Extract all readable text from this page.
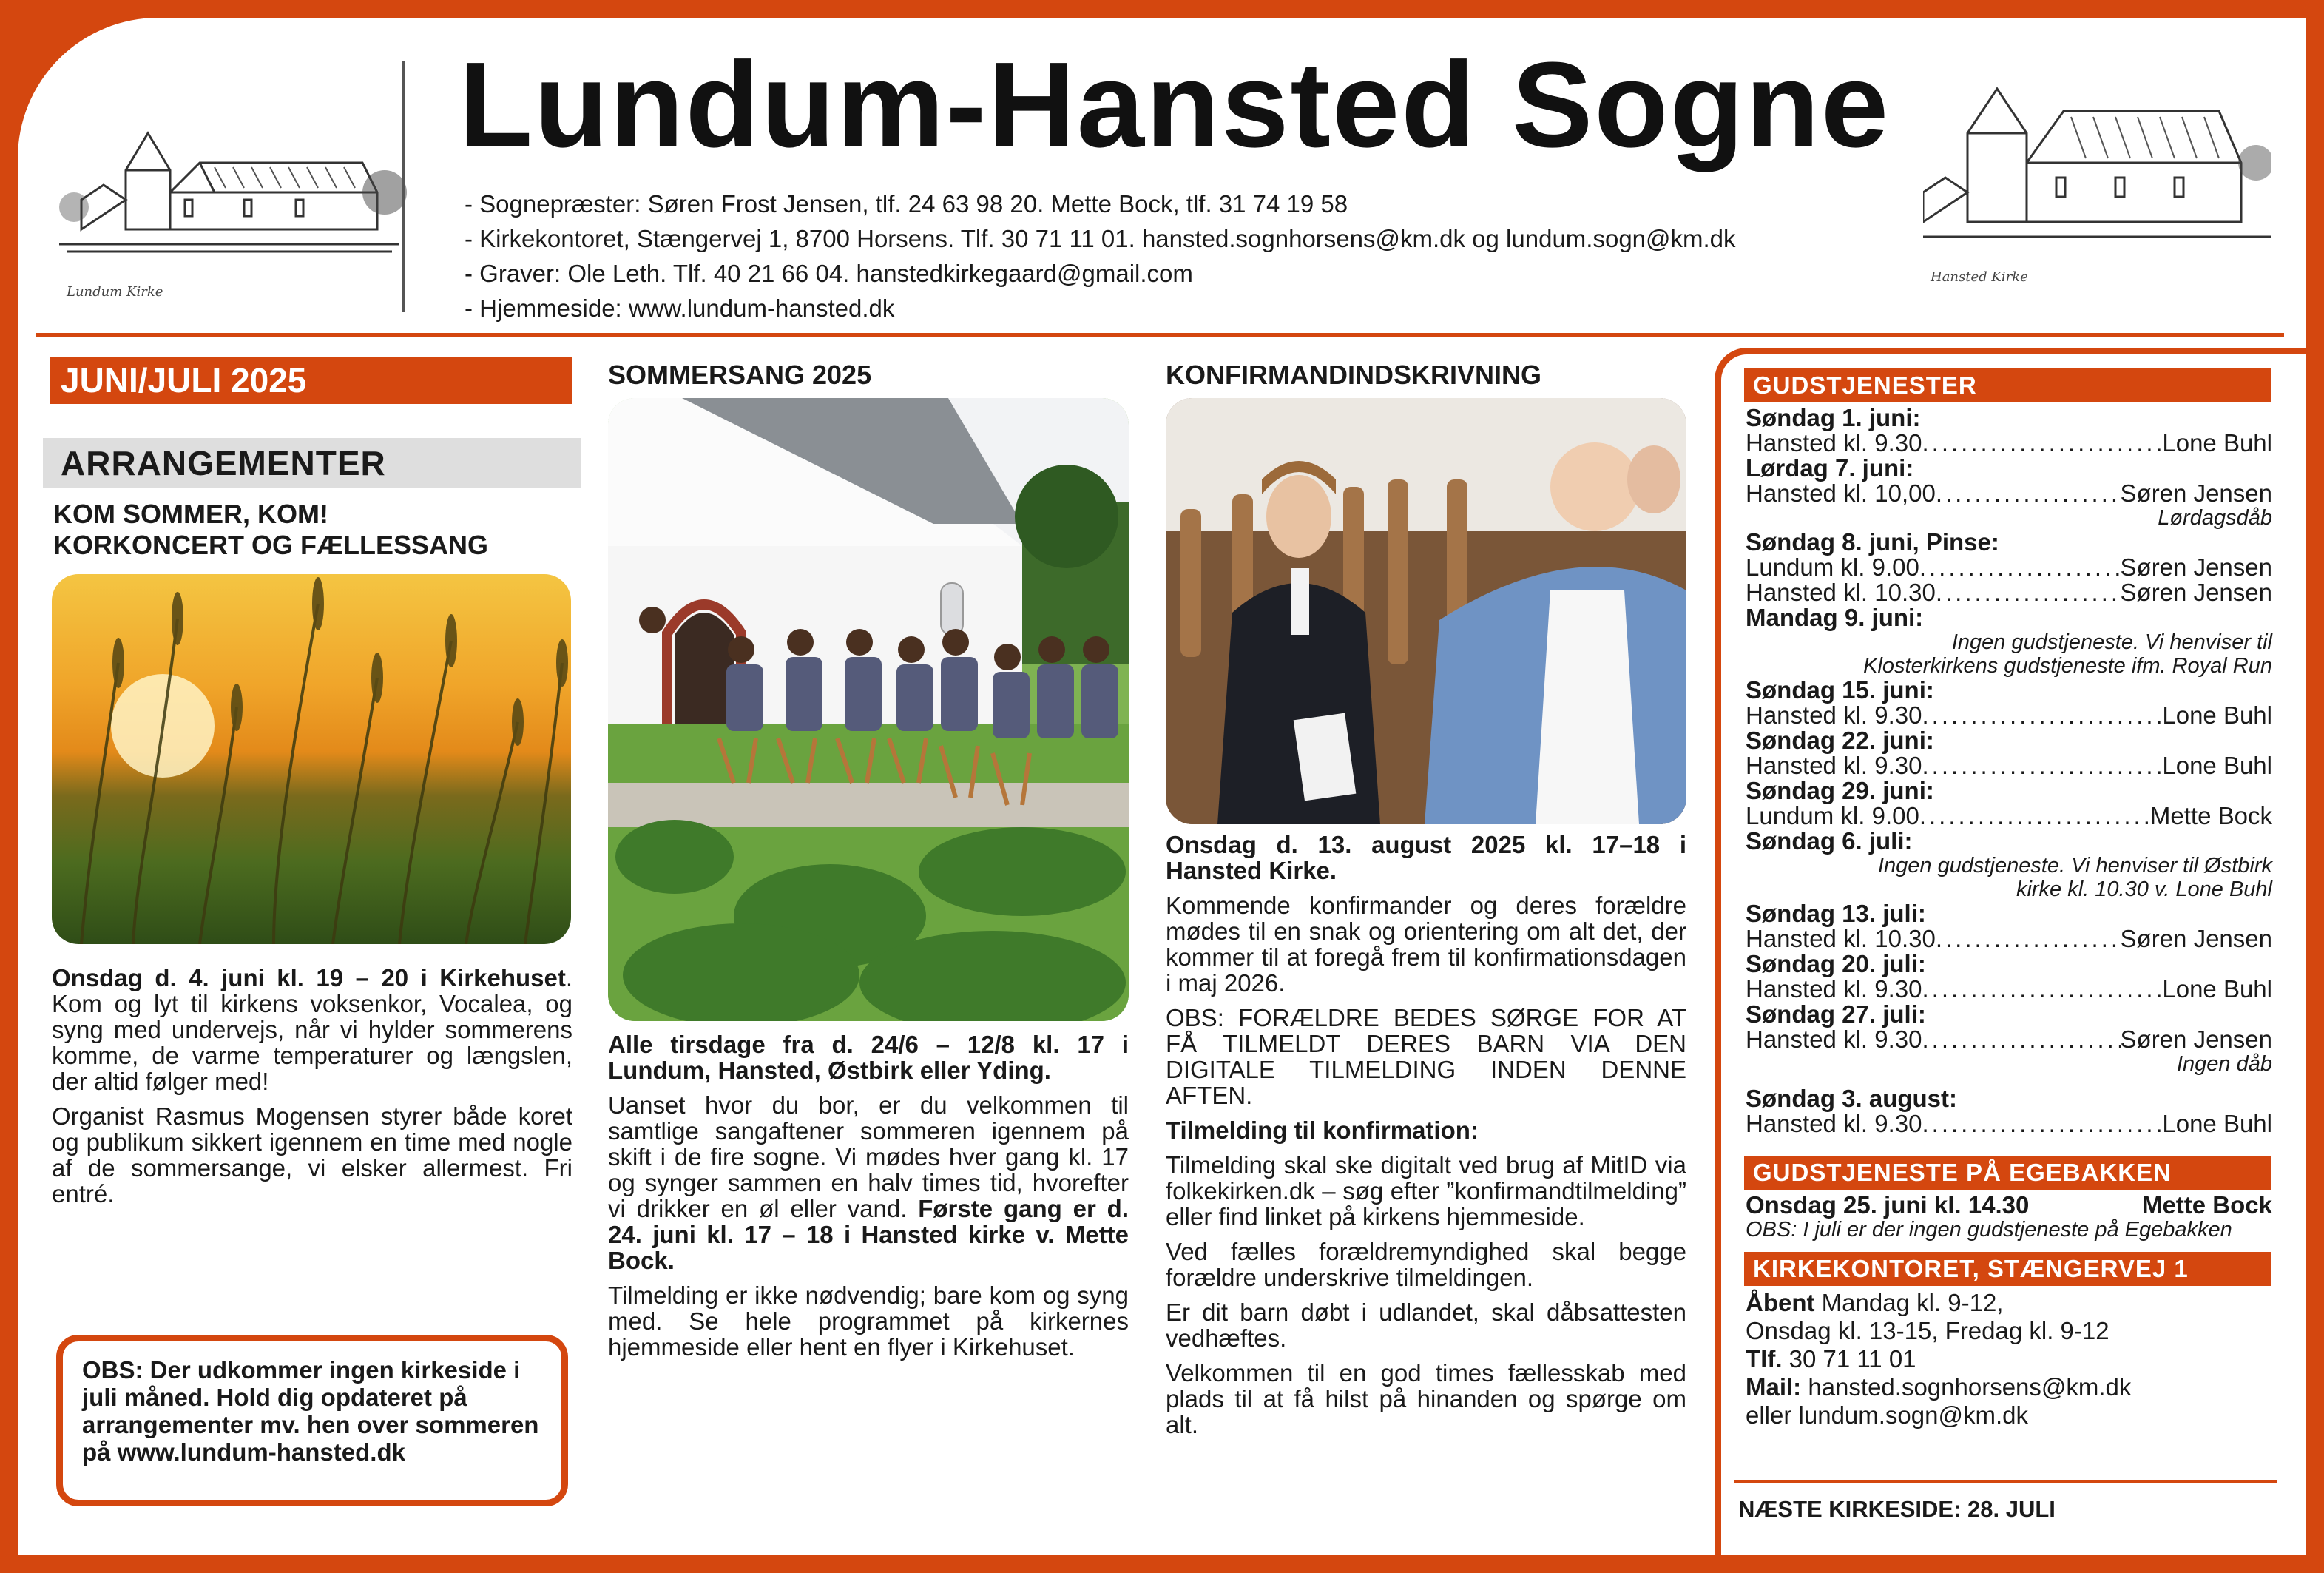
Lundum Kirke
Hansted Kirke
Lundum-Hansted Sogne
- Sognepræster: Søren Frost Jensen, tlf. 24 63 98 20. Mette Bock, tlf. 31 74 19 58
- Kirkekontoret, Stængervej 1, 8700 Horsens. Tlf. 30 71 11 01. hansted.sognhorsens@km.dk og lundum.sogn@km.dk
- Graver: Ole Leth. Tlf. 40 21 66 04. hanstedkirkegaard@gmail.com
- Hjemmeside: www.lundum-hansted.dk
JUNI/JULI 2025
ARRANGEMENTER
KOM SOMMER, KOM!
KORKONCERT OG FÆLLESSANG

Onsdag d. 4. juni kl. 19 – 20 i Kirkehuset. Kom og lyt til kirkens voksenkor, Vocalea, og syng med undervejs, når vi hylder sommerens komme, de varme temperaturer og længslen, der altid følger med!

Organist Rasmus Mogensen styrer både koret og publikum sikkert igennem en time med nogle af de sommersange, vi elsker allermest. Fri entré.

OBS: Der udkommer ingen kirkeside i juli måned. Hold dig opdateret på arrangementer mv. hen over sommeren på www.lundum-hansted.dk
SOMMERSANG 2025

Alle tirsdage fra d. 24/6 – 12/8 kl. 17 i Lundum, Hansted, Østbirk eller Yding.

Uanset hvor du bor, er du velkommen til samtlige sangaftener sommeren igennem på skift i de fire sogne. Vi mødes hver gang kl. 17 og synger sammen en halv times tid, hvorefter vi drikker en øl eller vand. Første gang er d. 24. juni kl. 17 – 18 i Hansted kirke v. Mette Bock.

Tilmelding er ikke nødvendig; bare kom og syng med. Se hele programmet på kirkernes hjemmeside eller hent en flyer i Kirkehuset.

KONFIRMANDINDSKRIVNING

Onsdag d. 13. august 2025 kl. 17–18 i Hansted Kirke.

Kommende konfirmander og deres forældre mødes til en snak og orientering om alt det, der kommer til at foregå frem til konfirmationsdagen i maj 2026.

OBS: FORÆLDRE BEDES SØRGE FOR AT FÅ TILMELDT DERES BARN VIA DEN DIGITALE TILMELDING INDEN DENNE AFTEN.

Tilmelding til konfirmation:

Tilmelding skal ske digitalt ved brug af MitID via folkekirken.dk – søg efter ”konfirmandtilmelding” eller find linket på kirkens hjemmeside.

Ved fælles forældremyndighed skal begge forældre underskrive tilmeldingen.

Er dit barn døbt i udlandet, skal dåbsattesten vedhæftes.

Velkommen til en god times fællesskab med plads til at få hilst på hinanden og spørge om alt.

GUDSTJENESTER
Søndag 1. juni:
Hansted kl. 9.30 .....	Lone Buhl
Lørdag 7. juni:
Hansted kl. 10,00 .....	Søren Jensen
Lørdagsdåb
Søndag 8. juni, Pinse:
Lundum kl. 9.00 .....	Søren Jensen
Hansted kl. 10.30 .....	Søren Jensen
Mandag 9. juni:
Ingen gudstjeneste. Vi henviser til Klosterkirkens gudstjeneste ifm. Royal Run
Søndag 15. juni:
Hansted kl. 9.30 .....	Lone Buhl
Søndag 22. juni:
Hansted kl. 9.30 .....	Lone Buhl
Søndag 29. juni:
Lundum kl. 9.00 .....	Mette Bock
Søndag 6. juli:
Ingen gudstjeneste. Vi henviser til Østbirk kirke kl. 10.30 v. Lone Buhl
Søndag 13. juli:
Hansted kl. 10.30 .....	Søren Jensen
Søndag 20. juli:
Hansted kl. 9.30 .....	Lone Buhl
Søndag 27. juli:
Hansted kl. 9.30 .....	Søren Jensen
Ingen dåb
Søndag 3. august:
Hansted kl. 9.30 .....	Lone Buhl
GUDSTJENESTE PÅ EGEBAKKEN
Onsdag 25. juni kl. 14.30	Mette Bock
OBS: I juli er der ingen gudstjeneste på Egebakken
KIRKEKONTORET, STÆNGERVEJ 1
Åbent Mandag kl. 9-12,
Onsdag kl. 13-15, Fredag kl. 9-12
Tlf. 30 71 11 01
Mail: hansted.sognhorsens@km.dk
eller lundum.sogn@km.dk
NÆSTE KIRKESIDE: 28. JULI
